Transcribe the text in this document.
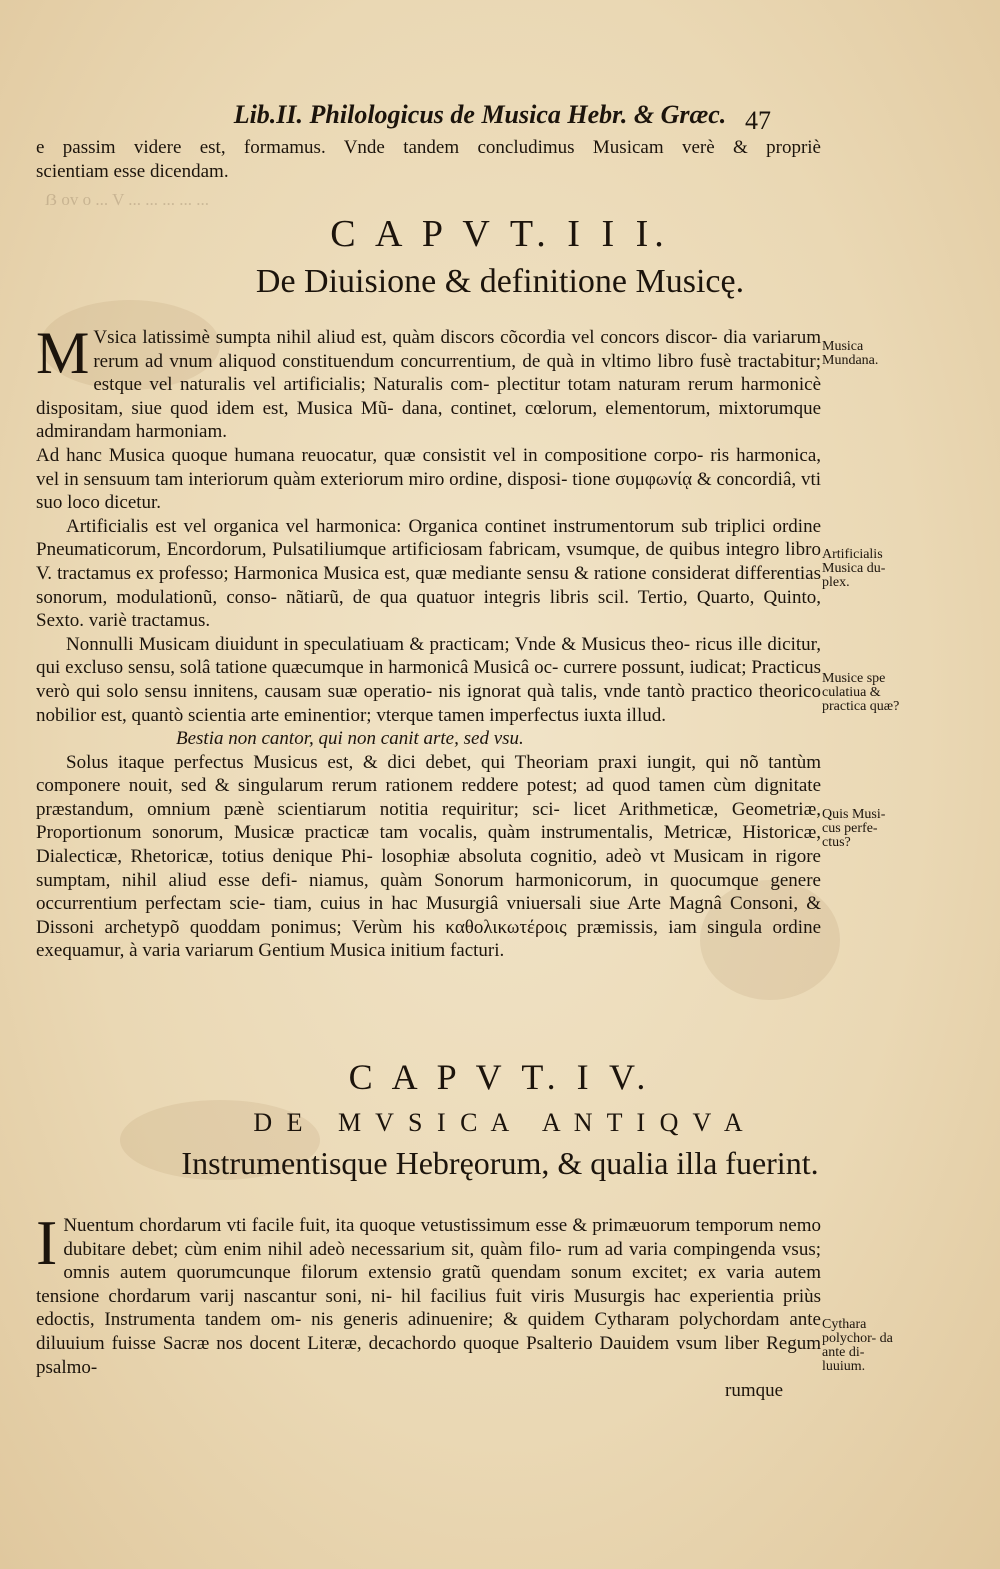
ẞ ov o ... V ... ... ... ... ...
Lib.II. Philologicus de Musica Hebr. & Græc. 47

e passim videre est, formamus. Vnde tandem concludimus Musicam verè & propriè

scientiam esse dicendam.

C A P V T. I I I.
De Diuisione & definitione Musicę.
M Vsica latissimè sumpta nihil aliud est, quàm discors cõcordia vel concors discor- dia variarum rerum ad vnum aliquod constituendum concurrentium, de quà in vltimo libro fusè tractabitur; estque vel naturalis vel artificialis; Naturalis com- plectitur totam naturam rerum harmonicè dispositam, siue quod idem est, Musica Mũ- dana, continet, cœlorum, elementorum, mixtorumque admirandam harmoniam.

Ad hanc Musica quoque humana reuocatur, quæ consistit vel in compositione corpo- ris harmonica, vel in sensuum tam interiorum quàm exteriorum miro ordine, disposi- tione συμφωνίᾳ & concordiâ, vti suo loco dicetur.

Artificialis est vel organica vel harmonica: Organica continet instrumentorum sub triplici ordine Pneumaticorum, Encordorum, Pulsatiliumque artificiosam fabricam, vsumque, de quibus integro libro V. tractamus ex professo; Harmonica Musica est, quæ mediante sensu & ratione considerat differentias sonorum, modulationũ, conso- nãtiarũ, de qua quatuor integris libris scil. Tertio, Quarto, Quinto, Sexto. variè tractamus.

Nonnulli Musicam diuidunt in speculatiuam & practicam; Vnde & Musicus theo- ricus ille dicitur, qui excluso sensu, solâ tatione quæcumque in harmonicâ Musicâ oc- currere possunt, iudicat; Practicus verò qui solo sensu innitens, causam suæ operatio- nis ignorat quà talis, vnde tantò practico theorico nobilior est, quantò scientia arte eminentior; vterque tamen imperfectus iuxta illud.

Bestia non cantor, qui non canit arte, sed vsu.

Solus itaque perfectus Musicus est, & dici debet, qui Theoriam praxi iungit, qui nõ tantùm componere nouit, sed & singularum rerum rationem reddere potest; ad quod tamen cùm dignitate præstandum, omnium pænè scientiarum notitia requiritur; sci- licet Arithmeticæ, Geometriæ, Proportionum sonorum, Musicæ practicæ tam vocalis, quàm instrumentalis, Metricæ, Historicæ, Dialecticæ, Rhetoricæ, totius denique Phi- losophiæ absoluta cognitio, adeò vt Musicam in rigore sumptam, nihil aliud esse defi- niamus, quàm Sonorum harmonicorum, in quocumque genere occurrentium perfectam scie- tiam, cuius in hac Musurgiâ vniuersali siue Arte Magnâ Consoni, & Dissoni archetypõ quoddam ponimus; Verùm his καθολικωτέροις præmissis, iam singula ordine exequamur, à varia variarum Gentium Musica initium facturi.

C A P V T. I V.
D E   M V S I C A   A N T I Q V A
Instrumentisque Hebręorum, & qualia illa fuerint.
I Nuentum chordarum vti facile fuit, ita quoque vetustissimum esse & primæuorum temporum nemo dubitare debet; cùm enim nihil adeò necessarium sit, quàm filo- rum ad varia compingenda vsus; omnis autem quorumcunque filorum extensio gratũ quendam sonum excitet; ex varia autem tensione chordarum varij nascantur soni, ni- hil facilius fuit viris Musurgis hac experientia priùs edoctis, Instrumenta tandem om- nis generis adinuenire; & quidem Cytharam polychordam ante diluuium fuisse Sacræ nos docent Literæ, decachordo quoque Psalterio Dauidem vsum liber Regum psalmo-

rumque
Musica Mundana.
Artificialis Musica du- plex.
Musice spe culatiua & practica quæ?
Quis Musi- cus perfe- ctus?
Cythara polychor- da ante di- luuium.
